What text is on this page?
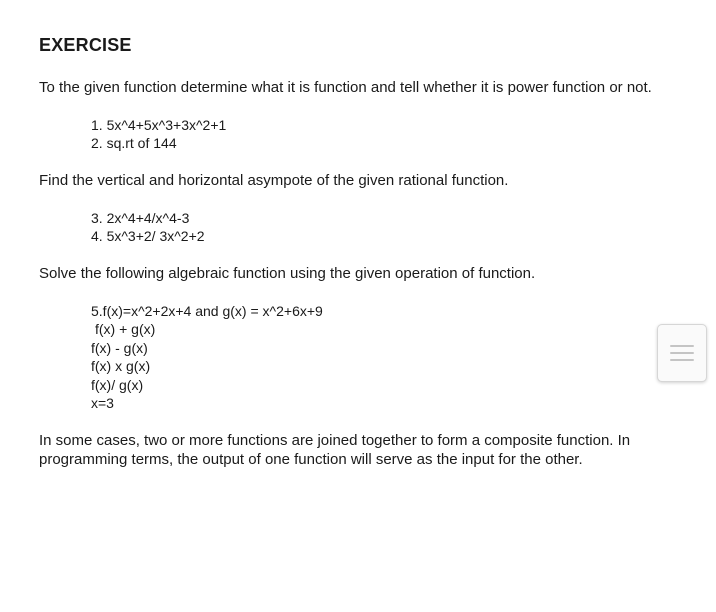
EXERCISE

To the given function determine what it is function and tell whether it is power function or not.

1. 5x^4+5x^3+3x^2+1
2. sq.rt of 144

Find the vertical and horizontal asympote of the given rational function.

3. 2x^4+4/x^4-3
4. 5x^3+2/ 3x^2+2

Solve the following algebraic function using the given operation of function.

5.f(x)=x^2+2x+4 and g(x) = x^2+6x+9
f(x) + g(x)
f(x) - g(x)
f(x) x g(x)
f(x)/ g(x)
x=3

In some cases, two or more functions are joined together to form a composite function. In programming terms, the output of one function will serve as the input for the other.
